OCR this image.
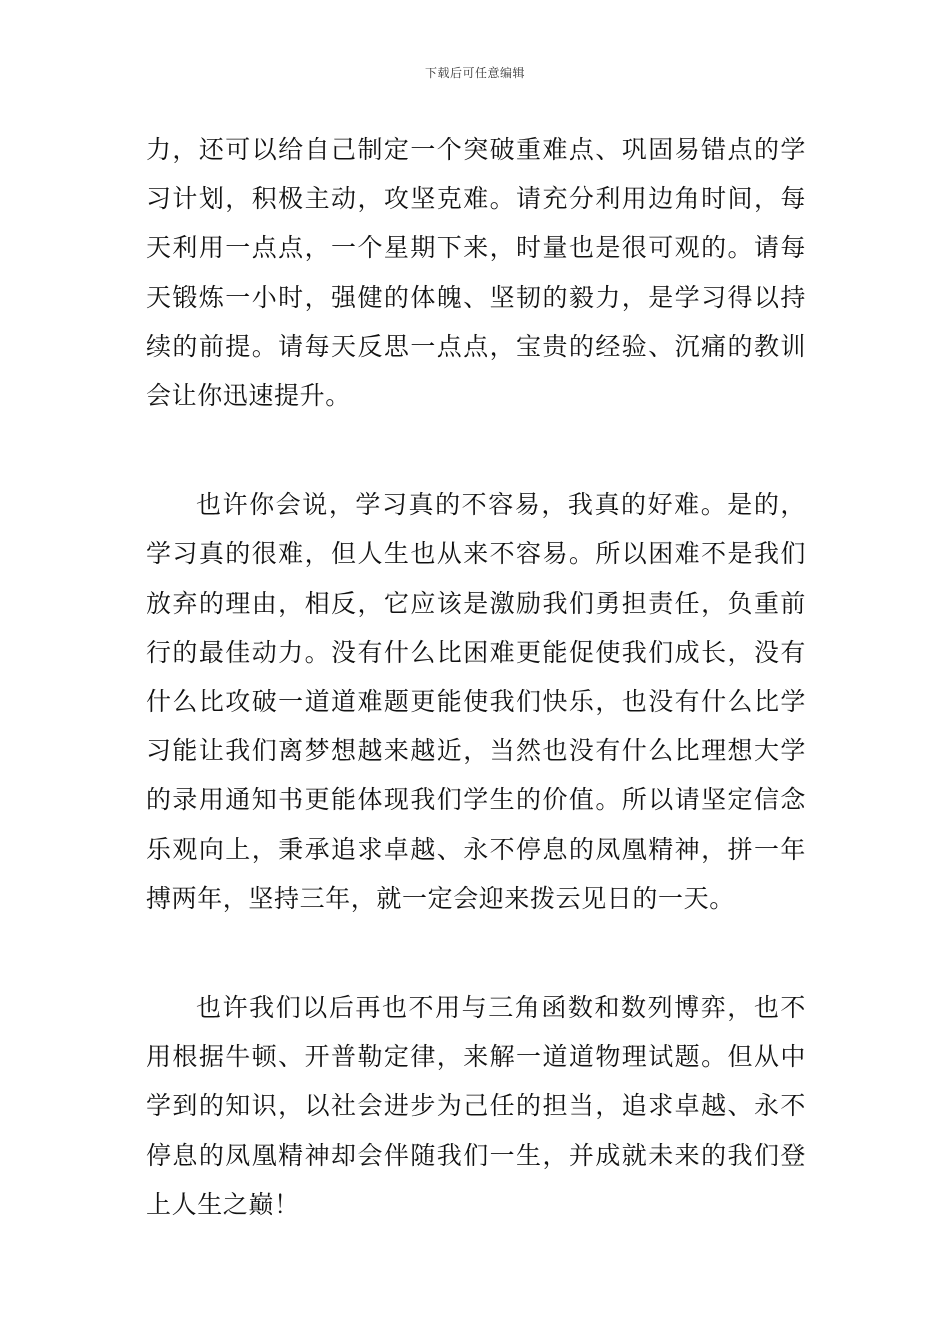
下载后可任意编辑

力，还可以给自己制定一个突破重难点、巩固易错点的学习计划，积极主动，攻坚克难。请充分利用边角时间，每天利用一点点，一个星期下来，时量也是很可观的。请每天锻炼一小时，强健的体魄、坚韧的毅力，是学习得以持续的前提。请每天反思一点点，宝贵的经验、沉痛的教训会让你迅速提升。

也许你会说，学习真的不容易，我真的好难。是的，学习真的很难，但人生也从来不容易。所以困难不是我们放弃的理由，相反，它应该是激励我们勇担责任，负重前行的最佳动力。没有什么比困难更能促使我们成长，没有什么比攻破一道道难题更能使我们快乐，也没有什么比学习能让我们离梦想越来越近，当然也没有什么比理想大学的录用通知书更能体现我们学生的价值。所以请坚定信念乐观向上，秉承追求卓越、永不停息的凤凰精神，拼一年搏两年，坚持三年，就一定会迎来拨云见日的一天。

也许我们以后再也不用与三角函数和数列博弈，也不用根据牛顿、开普勒定律，来解一道道物理试题。但从中学到的知识，以社会进步为己任的担当，追求卓越、永不停息的凤凰精神却会伴随我们一生，并成就未来的我们登上人生之巅！
